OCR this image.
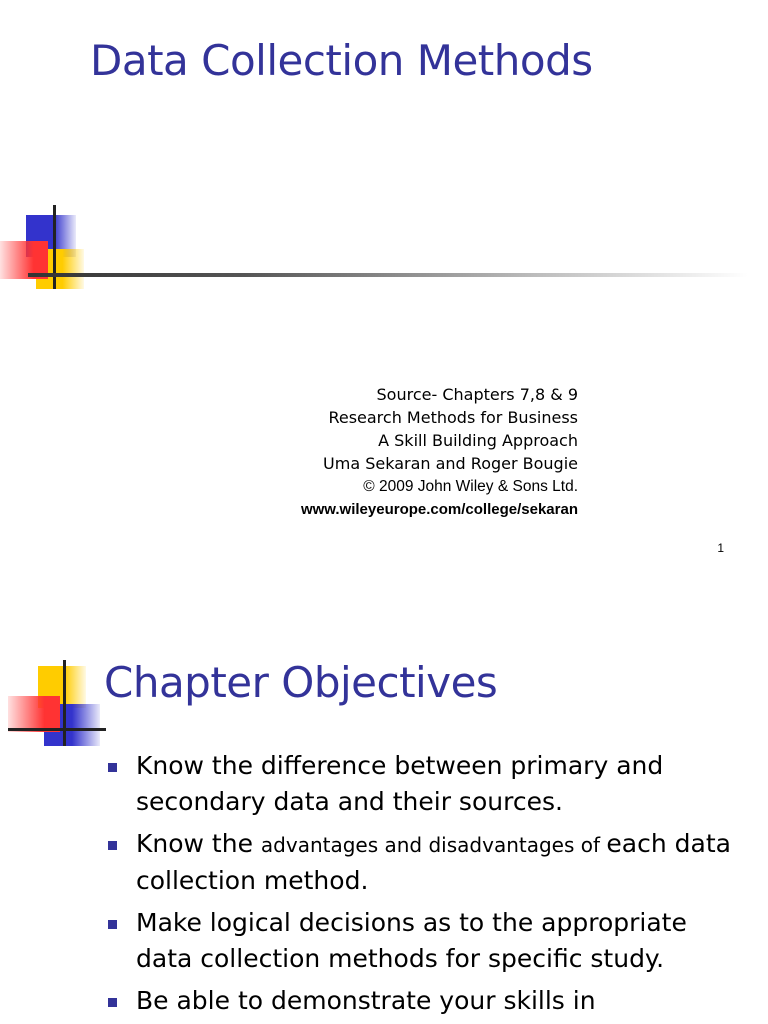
Data Collection Methods
Source- Chapters 7,8 & 9
Research Methods for Business
A Skill Building Approach
Uma Sekaran and Roger Bougie
© 2009 John Wiley & Sons Ltd.
www.wileyeurope.com/college/sekaran
1
Chapter Objectives
Know the difference between primary and secondary data and their sources.
Know the advantages and disadvantages of each data collection method.
Make logical decisions as to the appropriate data collection methods for specific study.
Be able to demonstrate your skills in
